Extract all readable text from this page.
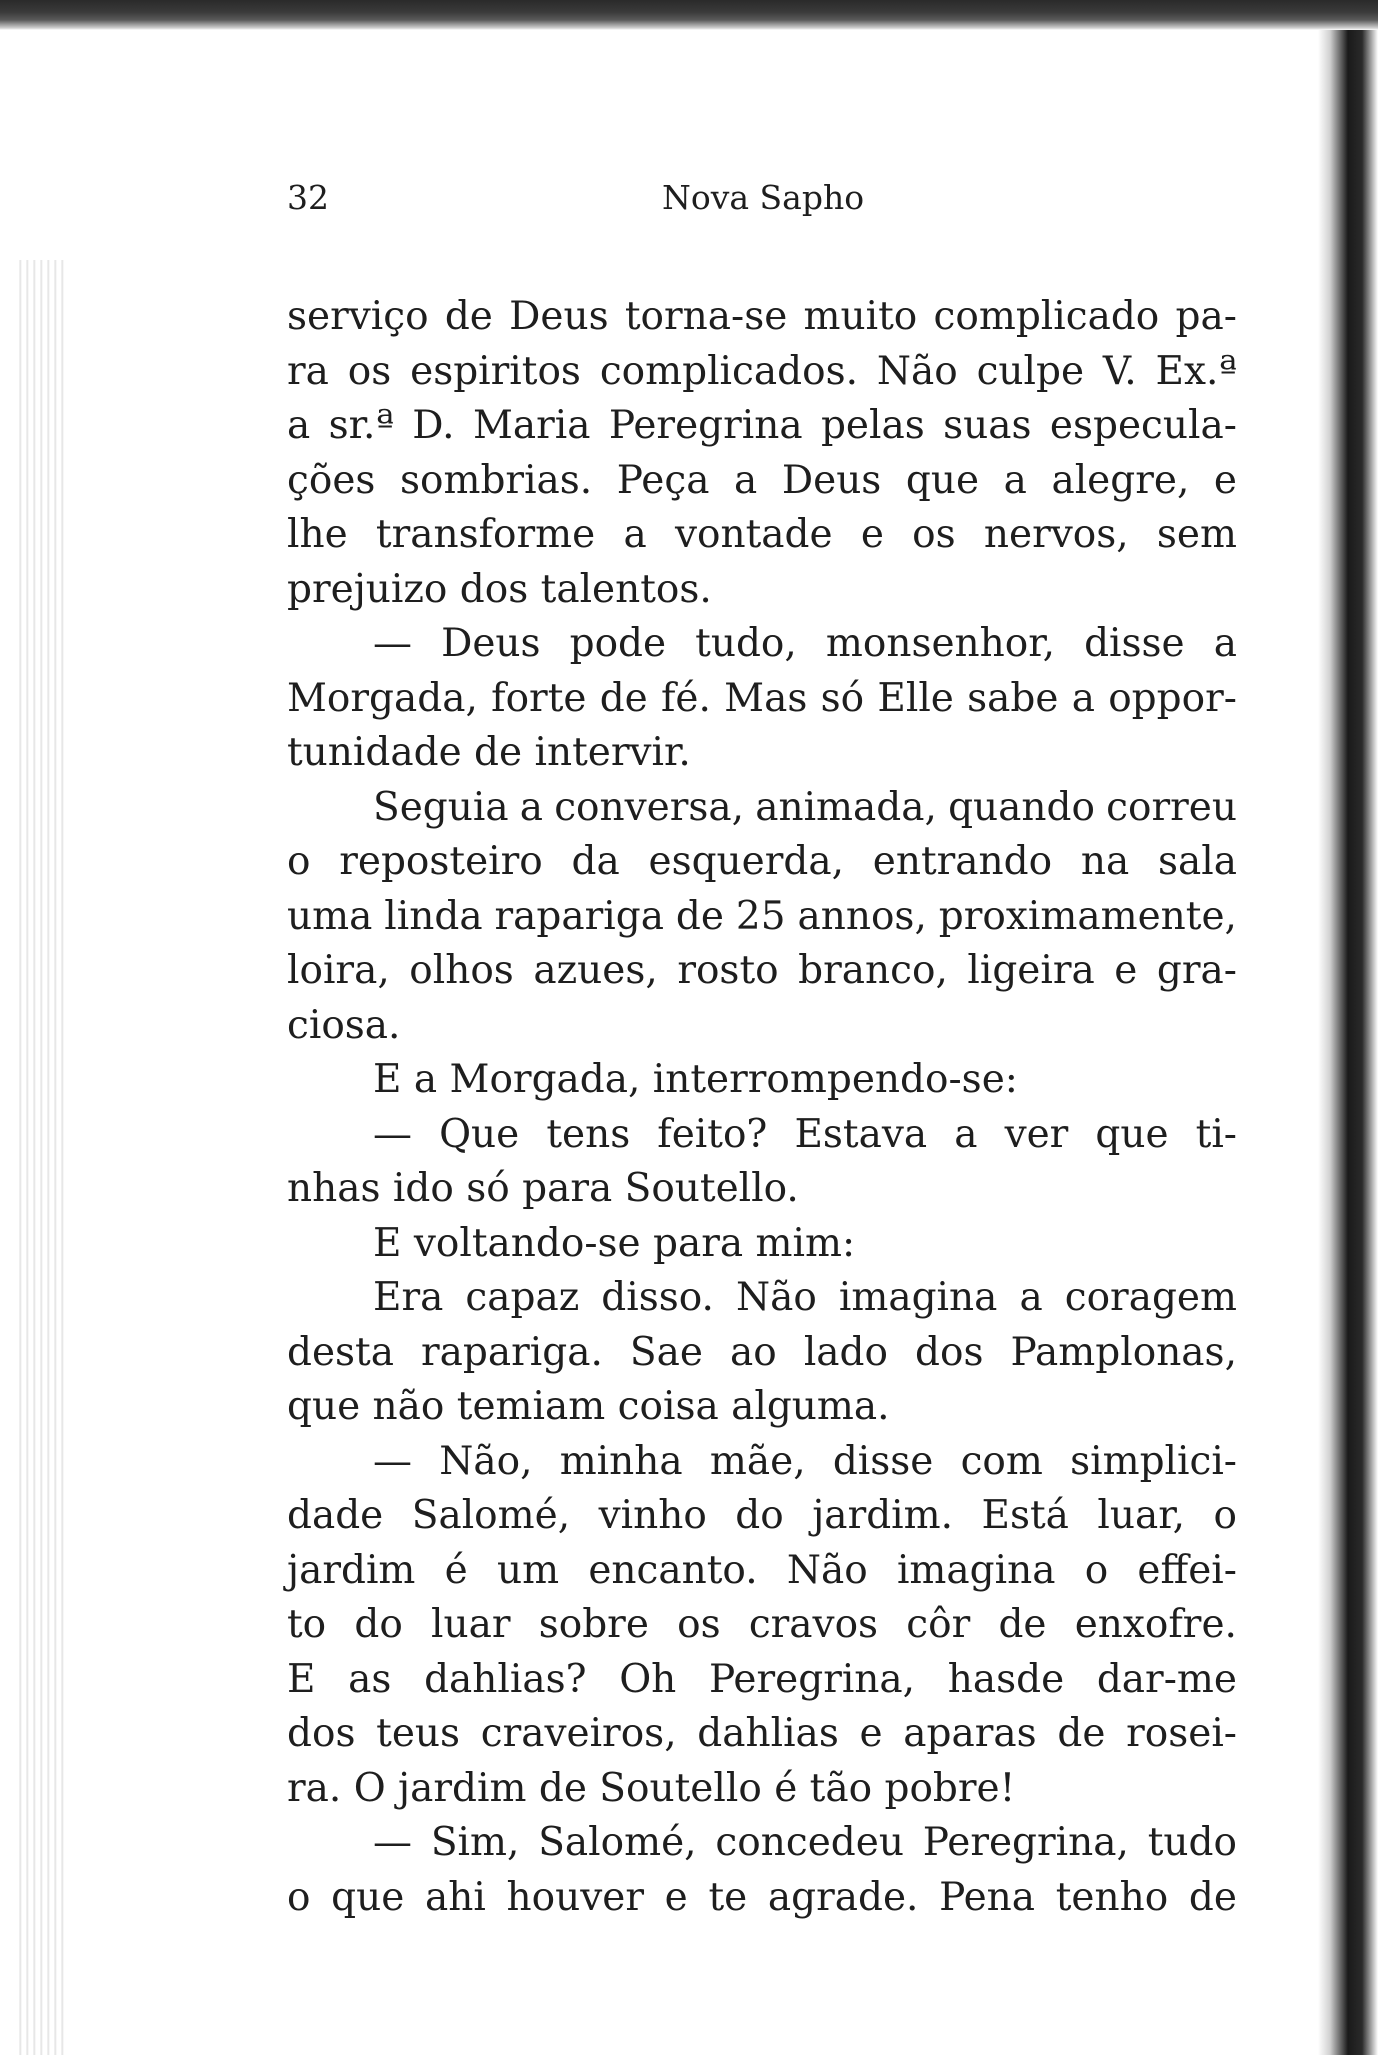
32	Nova Sapho
serviço de Deus torna-se muito complicado pa-
ra os espiritos complicados. Não culpe V. Ex.ª
a sr.ª D. Maria Peregrina pelas suas especula-
ções sombrias. Peça a Deus que a alegre, e
lhe transforme a vontade e os nervos, sem
prejuizo dos talentos.
— Deus pode tudo, monsenhor, disse a
Morgada, forte de fé. Mas só Elle sabe a oppor-
tunidade de intervir.
Seguia a conversa, animada, quando correu
o reposteiro da esquerda, entrando na sala
uma linda rapariga de 25 annos, proximamente,
loira, olhos azues, rosto branco, ligeira e gra-
ciosa.
E a Morgada, interrompendo-se:
— Que tens feito? Estava a ver que ti-
nhas ido só para Soutello.
E voltando-se para mim:
Era capaz disso. Não imagina a coragem
desta rapariga. Sae ao lado dos Pamplonas,
que não temiam coisa alguma.
— Não, minha mãe, disse com simplici-
dade Salomé, vinho do jardim. Está luar, o
jardim é um encanto. Não imagina o effei-
to do luar sobre os cravos côr de enxofre.
E as dahlias? Oh Peregrina, hasde dar-me
dos teus craveiros, dahlias e aparas de rosei-
ra. O jardim de Soutello é tão pobre!
— Sim, Salomé, concedeu Peregrina, tudo
o que ahi houver e te agrade. Pena tenho de
